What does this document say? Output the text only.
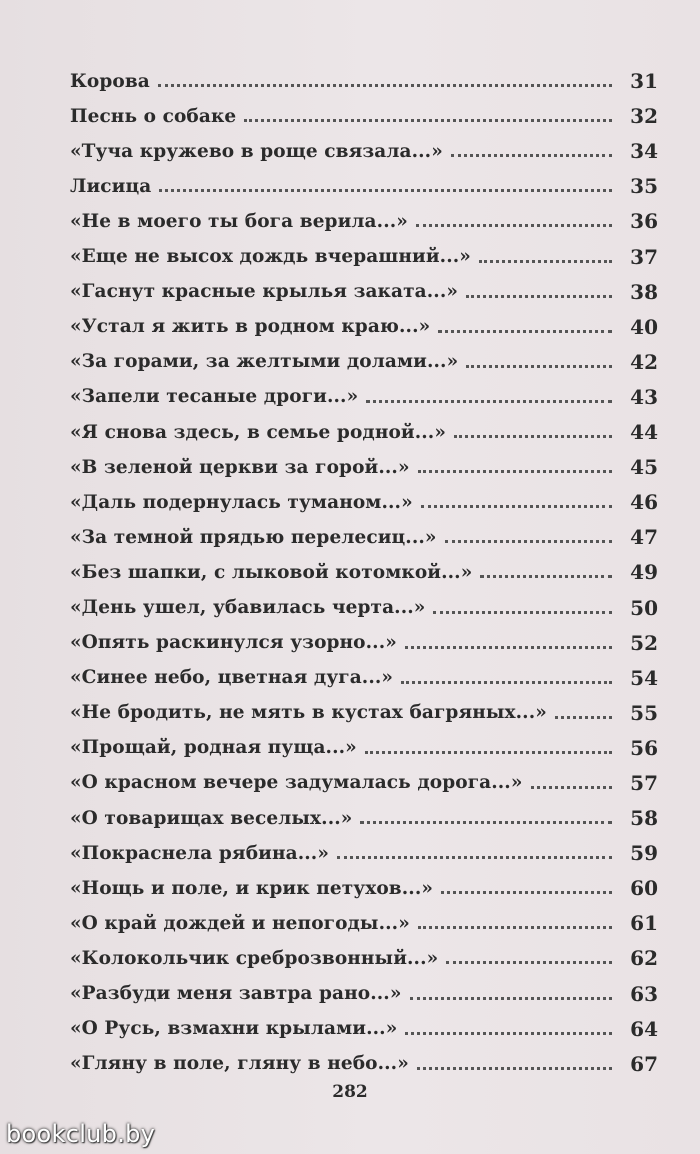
Корова	31
Песнь о собаке	32
«Туча кружево в роще связала...»	34
Лисица	35
«Не в моего ты бога верила...»	36
«Еще не высох дождь вчерашний...»	37
«Гаснут красные крылья заката...»	38
«Устал я жить в родном краю...»	40
«За горами, за желтыми долами...»	42
«Запели тесаные дроги...»	43
«Я снова здесь, в семье родной...»	44
«В зеленой церкви за горой...»	45
«Даль подернулась туманом...»	46
«За темной прядью перелесиц...»	47
«Без шапки, с лыковой котомкой...»	49
«День ушел, убавилась черта...»	50
«Опять раскинулся узорно...»	52
«Синее небо, цветная дуга...»	54
«Не бродить, не мять в кустах багряных...»	55
«Прощай, родная пуща...»	56
«О красном вечере задумалась дорога...»	57
«О товарищах веселых...»	58
«Покраснела рябина...»	59
«Нощь и поле, и крик петухов...»	60
«О край дождей и непогоды...»	61
«Колокольчик среброзвонный...»	62
«Разбуди меня завтра рано...»	63
«О Русь, взмахни крылами...»	64
«Гляну в поле, гляну в небо...»	67
282
bookclub.by
